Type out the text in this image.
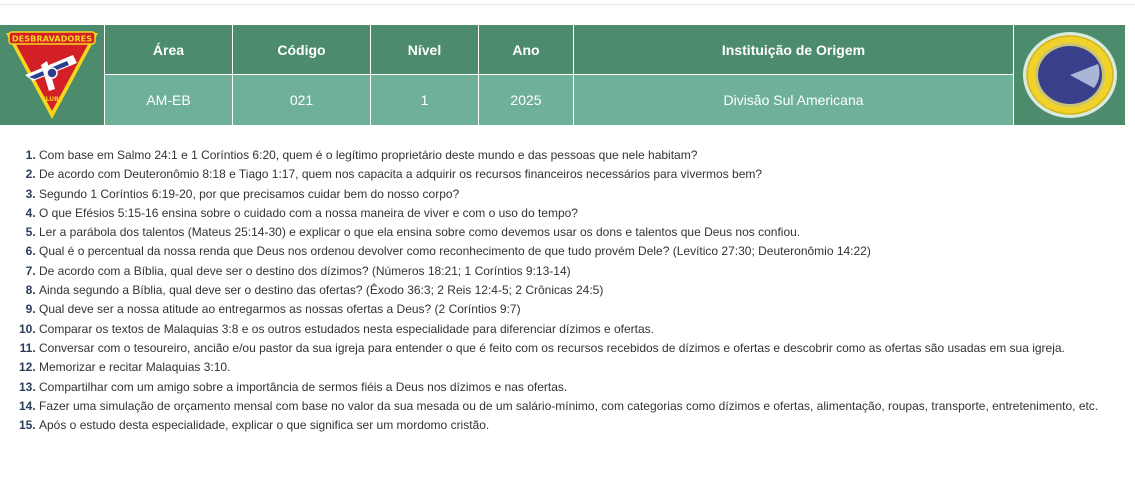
DESBRAVADORES
CLUBE
Área	Código	Nível	Ano	Instituição de Origem
AM-EB	021	1	2025	Divisão Sul Americana
1. Com base em Salmo 24:1 e 1 Coríntios 6:20, quem é o legítimo proprietário deste mundo e das pessoas que nele habitam?
2. De acordo com Deuteronômio 8:18 e Tiago 1:17, quem nos capacita a adquirir os recursos financeiros necessários para vivermos bem?
3. Segundo 1 Coríntios 6:19-20, por que precisamos cuidar bem do nosso corpo?
4. O que Efésios 5:15-16 ensina sobre o cuidado com a nossa maneira de viver e com o uso do tempo?
5. Ler a parábola dos talentos (Mateus 25:14-30) e explicar o que ela ensina sobre como devemos usar os dons e talentos que Deus nos confiou.
6. Qual é o percentual da nossa renda que Deus nos ordenou devolver como reconhecimento de que tudo provém Dele? (Levítico 27:30; Deuteronômio 14:22)
7. De acordo com a Bíblia, qual deve ser o destino dos dízimos? (Números 18:21; 1 Coríntios 9:13-14)
8. Ainda segundo a Bíblia, qual deve ser o destino das ofertas? (Êxodo 36:3; 2 Reis 12:4-5; 2 Crônicas 24:5)
9. Qual deve ser a nossa atitude ao entregarmos as nossas ofertas a Deus? (2 Coríntios 9:7)
10. Comparar os textos de Malaquias 3:8 e os outros estudados nesta especialidade para diferenciar dízimos e ofertas.
11. Conversar com o tesoureiro, ancião e/ou pastor da sua igreja para entender o que é feito com os recursos recebidos de dízimos e ofertas e descobrir como as ofertas são usadas em sua igreja.
12. Memorizar e recitar Malaquias 3:10.
13. Compartilhar com um amigo sobre a importância de sermos fiéis a Deus nos dízimos e nas ofertas.
14. Fazer uma simulação de orçamento mensal com base no valor da sua mesada ou de um salário-mínimo, com categorias como dízimos e ofertas, alimentação, roupas, transporte, entretenimento, etc.
15. Após o estudo desta especialidade, explicar o que significa ser um mordomo cristão.
